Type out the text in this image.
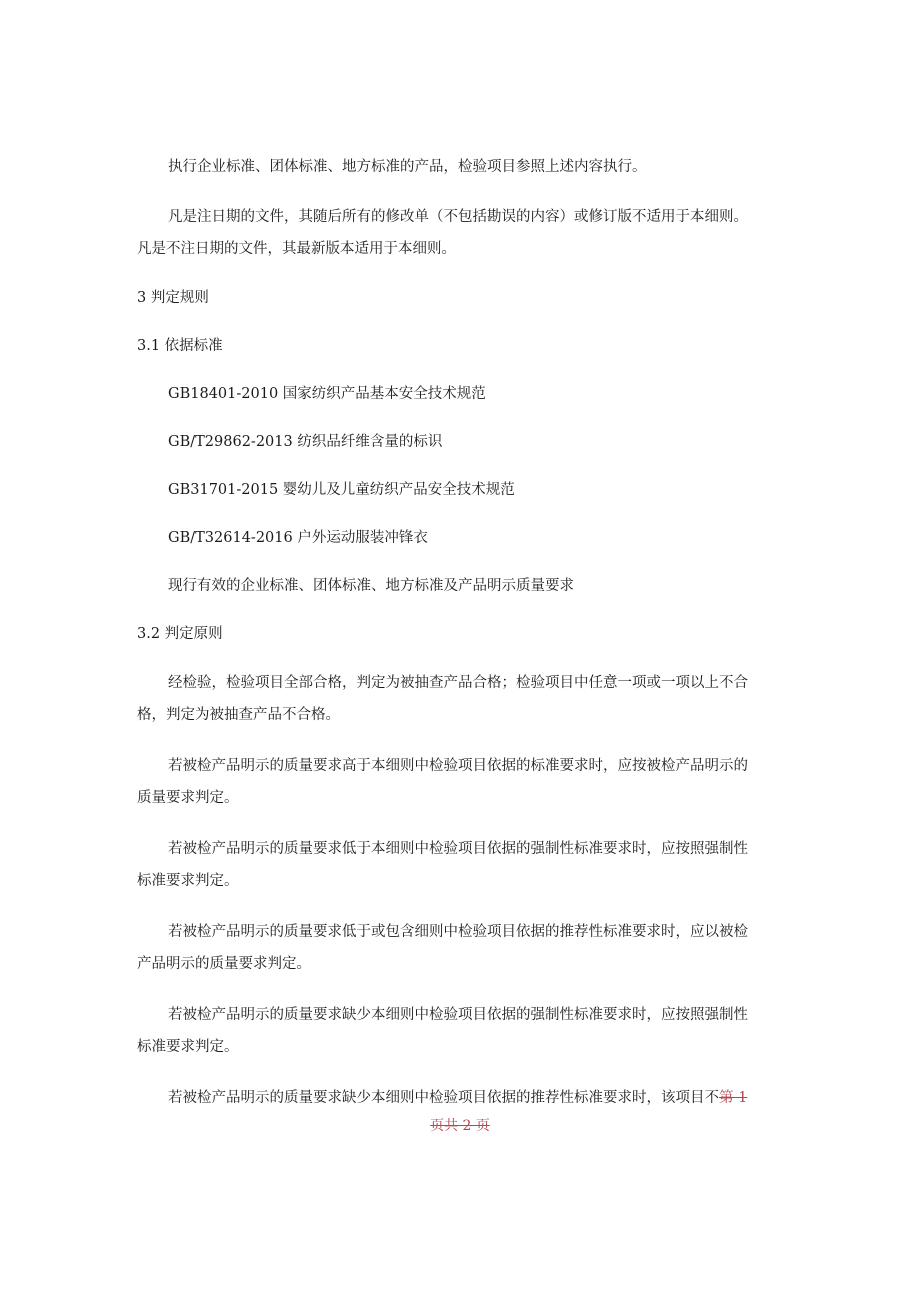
执行企业标准、团体标准、地方标准的产品，检验项目参照上述内容执行。

凡是注日期的文件，其随后所有的修改单（不包括勘误的内容）或修订版不适用于本细则。

凡是不注日期的文件，其最新版本适用于本细则。

3 判定规则

3.1 依据标准

GB18401-2010 国家纺织产品基本安全技术规范

GB/T29862-2013 纺织品纤维含量的标识

GB31701-2015 婴幼儿及儿童纺织产品安全技术规范

GB/T32614-2016 户外运动服装冲锋衣

现行有效的企业标准、团体标准、地方标准及产品明示质量要求

3.2 判定原则

经检验，检验项目全部合格，判定为被抽查产品合格；检验项目中任意一项或一项以上不合

格，判定为被抽查产品不合格。

若被检产品明示的质量要求高于本细则中检验项目依据的标准要求时，应按被检产品明示的

质量要求判定。

若被检产品明示的质量要求低于本细则中检验项目依据的强制性标准要求时，应按照强制性

标准要求判定。

若被检产品明示的质量要求低于或包含细则中检验项目依据的推荐性标准要求时，应以被检

产品明示的质量要求判定。

若被检产品明示的质量要求缺少本细则中检验项目依据的强制性标准要求时，应按照强制性

标准要求判定。

若被检产品明示的质量要求缺少本细则中检验项目依据的推荐性标准要求时，该项目不第 1

页共 2 页
